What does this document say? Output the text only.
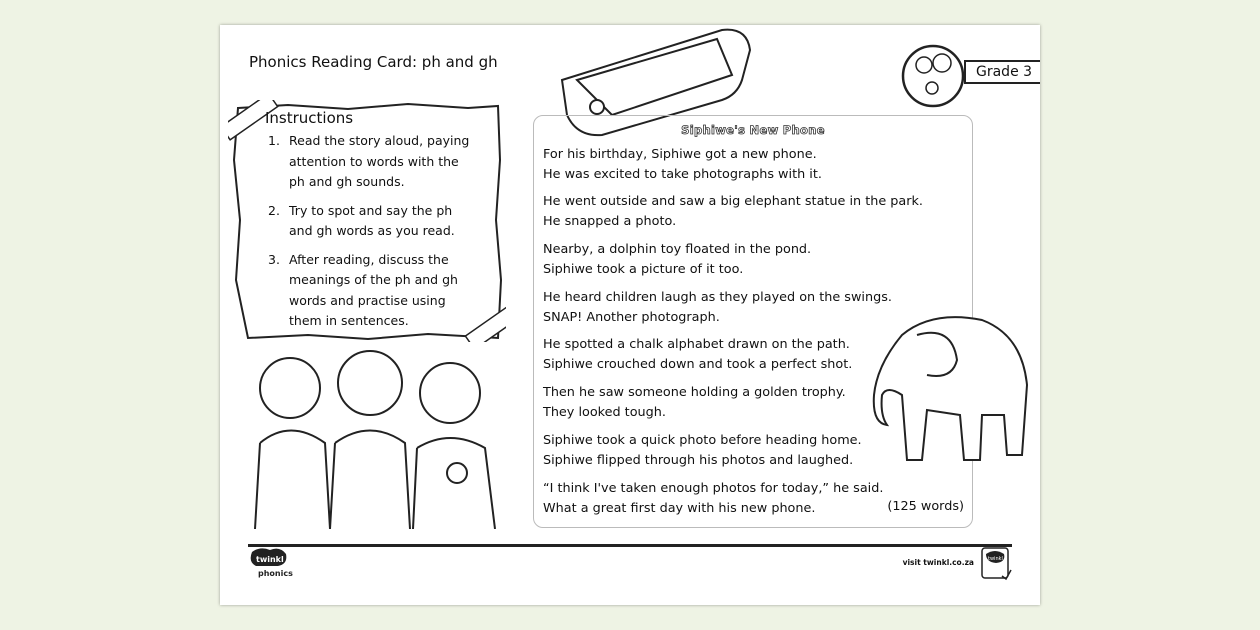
Phonics Reading Card: ph and gh
Instructions
1. Read the story aloud, paying
attention to words with the
ph and gh sounds.
2. Try to spot and say the ph
and gh words as you read.
3. After reading, discuss the
meanings of the ph and gh
words and practise using
them in sentences.
Siphiwe's New Phone
For his birthday, Siphiwe got a new phone.
He was excited to take photographs with it.
He went outside and saw a big elephant statue in the park.
He snapped a photo.
Nearby, a dolphin toy floated in the pond.
Siphiwe took a picture of it too.
He heard children laugh as they played on the swings.
SNAP! Another photograph.
He spotted a chalk alphabet drawn on the path.
Siphiwe crouched down and took a perfect shot.
Then he saw someone holding a golden trophy.
They looked tough.
Siphiwe took a quick photo before heading home.
Siphiwe flipped through his photos and laughed.
“I think I've taken enough photos for today,” he said.
What a great first day with his new phone.	(125 words)
Grade 3
twinkl
phonics
visit twinkl.co.za	twinkl
